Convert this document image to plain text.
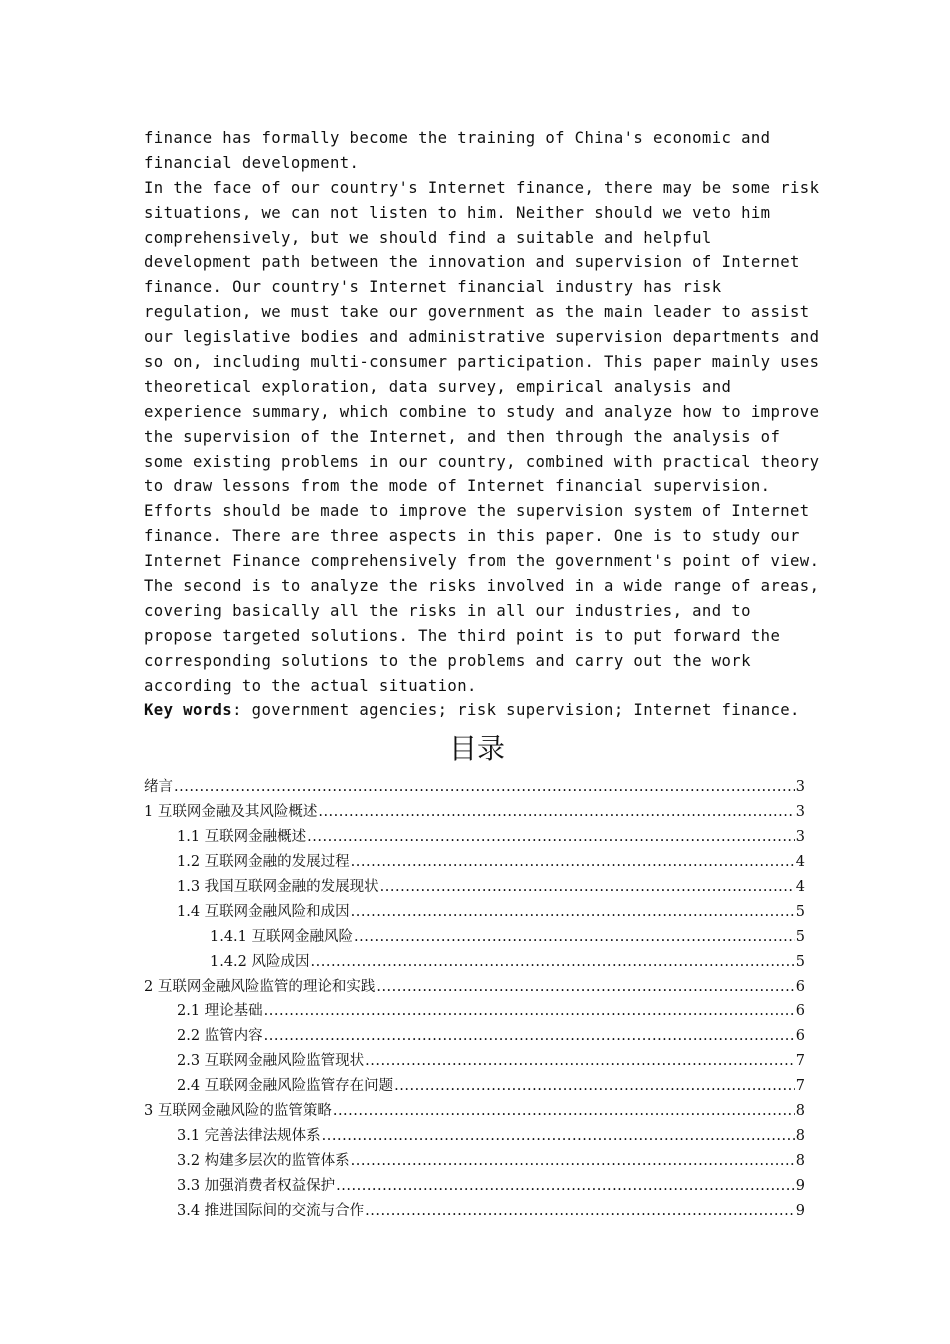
finance has formally become the training of China's economic and
financial development.
In the face of our country's Internet finance, there may be some risk
situations, we can not listen to him. Neither should we veto him
comprehensively, but we should find a suitable and helpful
development path between the innovation and supervision of Internet
finance. Our country's Internet financial industry has risk
regulation, we must take our government as the main leader to assist
our legislative bodies and administrative supervision departments and
so on, including multi-consumer participation. This paper mainly uses
theoretical exploration, data survey, empirical analysis and
experience summary, which combine to study and analyze how to improve
the supervision of the Internet, and then through the analysis of
some existing problems in our country, combined with practical theory
to draw lessons from the mode of Internet financial supervision.
Efforts should be made to improve the supervision system of Internet
finance. There are three aspects in this paper. One is to study our
Internet Finance comprehensively from the government's point of view.
The second is to analyze the risks involved in a wide range of areas,
covering basically all the risks in all our industries, and to
propose targeted solutions. The third point is to put forward the
corresponding solutions to the problems and carry out the work
according to the actual situation.
Key words: government agencies; risk supervision; Internet finance.
目录
绪言 .....	3
1 互联网金融及其风险概述 .....	3
1.1 互联网金融概述 .....	3
1.2 互联网金融的发展过程 .....	4
1.3 我国互联网金融的发展现状 .....	4
1.4 互联网金融风险和成因 .....	5
1.4.1 互联网金融风险 .....	5
1.4.2 风险成因 .....	5
2 互联网金融风险监管的理论和实践 .....	6
2.1 理论基础 .....	6
2.2 监管内容 .....	6
2.3 互联网金融风险监管现状 .....	7
2.4 互联网金融风险监管存在问题 .....	7
3 互联网金融风险的监管策略 .....	8
3.1 完善法律法规体系 .....	8
3.2 构建多层次的监管体系 .....	8
3.3 加强消费者权益保护 .....	9
3.4 推进国际间的交流与合作 .....	9
